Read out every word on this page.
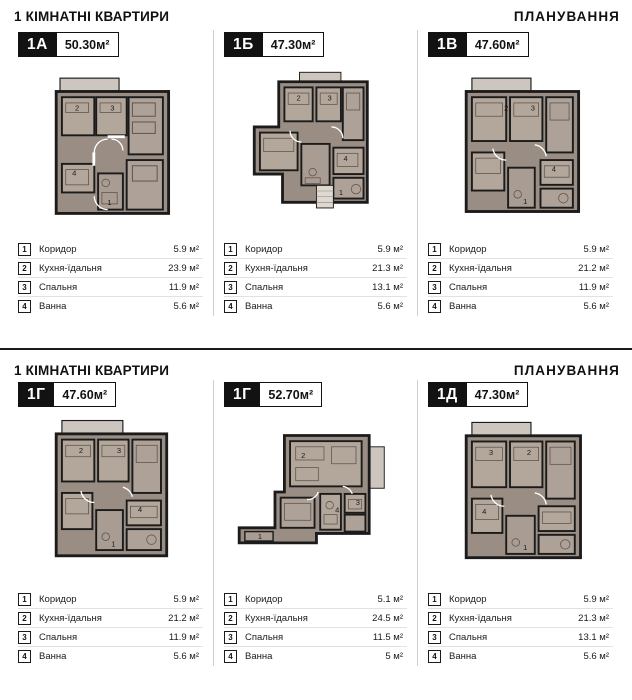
1 КІМНАТНІ КВАРТИРИ	ПЛАНУВАННЯ
1А	50.30м²
3
2
4
1
1	Коридор	5.9 м²
2	Кухня-їдальня	23.9 м²
3	Спальня	11.9 м²
4	Ванна	5.6 м²
1Б	47.30м²
2	3
4
1
1	Коридор	5.9 м²
2	Кухня-їдальня	21.3 м²
3	Спальня	13.1 м²
4	Ванна	5.6 м²
1В	47.60м²
2	3
4
1
1	Коридор	5.9 м²
2	Кухня-їдальня	21.2 м²
3	Спальня	11.9 м²
4	Ванна	5.6 м²
1 КІМНАТНІ КВАРТИРИ	ПЛАНУВАННЯ
1Г	47.60м²
2	3
4
1
1	Коридор	5.9 м²
2	Кухня-їдальня	21.2 м²
3	Спальня	11.9 м²
4	Ванна	5.6 м²
1Г	52.70м²
2
3
4
1
1	Коридор	5.1 м²
2	Кухня-їдальня	24.5 м²
3	Спальня	11.5 м²
4	Ванна	5 м²
1Д	47.30м²
3	2
4
1
1	Коридор	5.9 м²
2	Кухня-їдальня	21.3 м²
3	Спальня	13.1 м²
4	Ванна	5.6 м²
